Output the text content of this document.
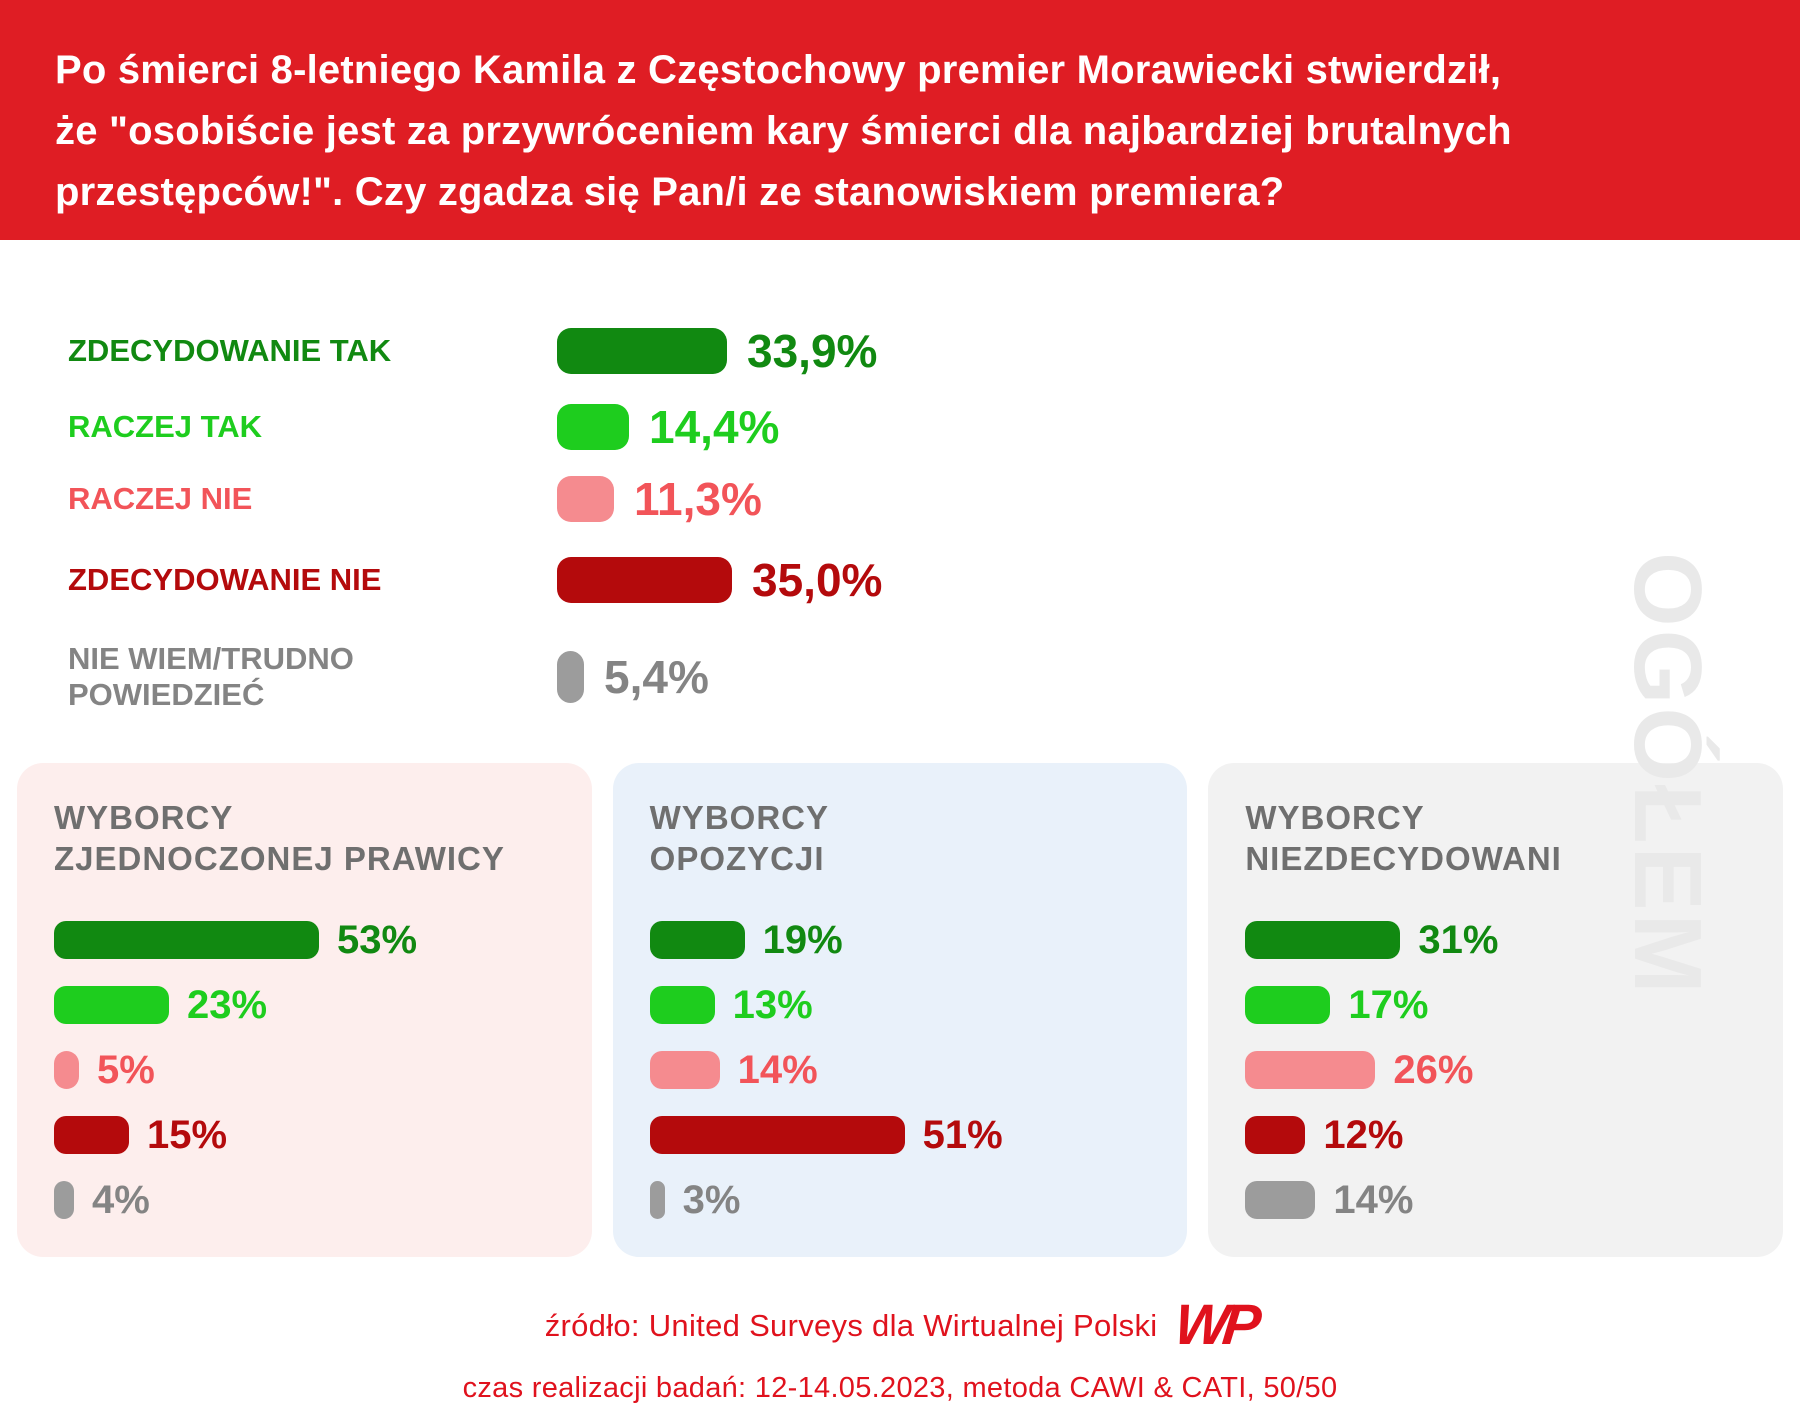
Po śmierci 8-letniego Kamila z Częstochowy premier Morawiecki stwierdził,
że "osobiście jest za przywróceniem kary śmierci dla najbardziej brutalnych
przestępców!". Czy zgadza się Pan/i ze stanowiskiem premiera?
ZDECYDOWANIE TAK	33,9%
RACZEJ TAK	14,4%
RACZEJ NIE	11,3%
ZDECYDOWANIE NIE	35,0%
NIE WIEM/TRUDNO POWIEDZIEĆ	5,4%	OGÓŁEM
WYBORCY
ZJEDNOCZONEJ PRAWICY
53%
23%
5%
15%
4%
WYBORCY
OPOZYCJI
19%
13%
14%
51%
3%
WYBORCY
NIEZDECYDOWANI
31%
17%
26%
12%
14%
źródło: United Surveys dla Wirtualnej Polski WP
czas realizacji badań: 12-14.05.2023, metoda CAWI & CATI, 50/50
